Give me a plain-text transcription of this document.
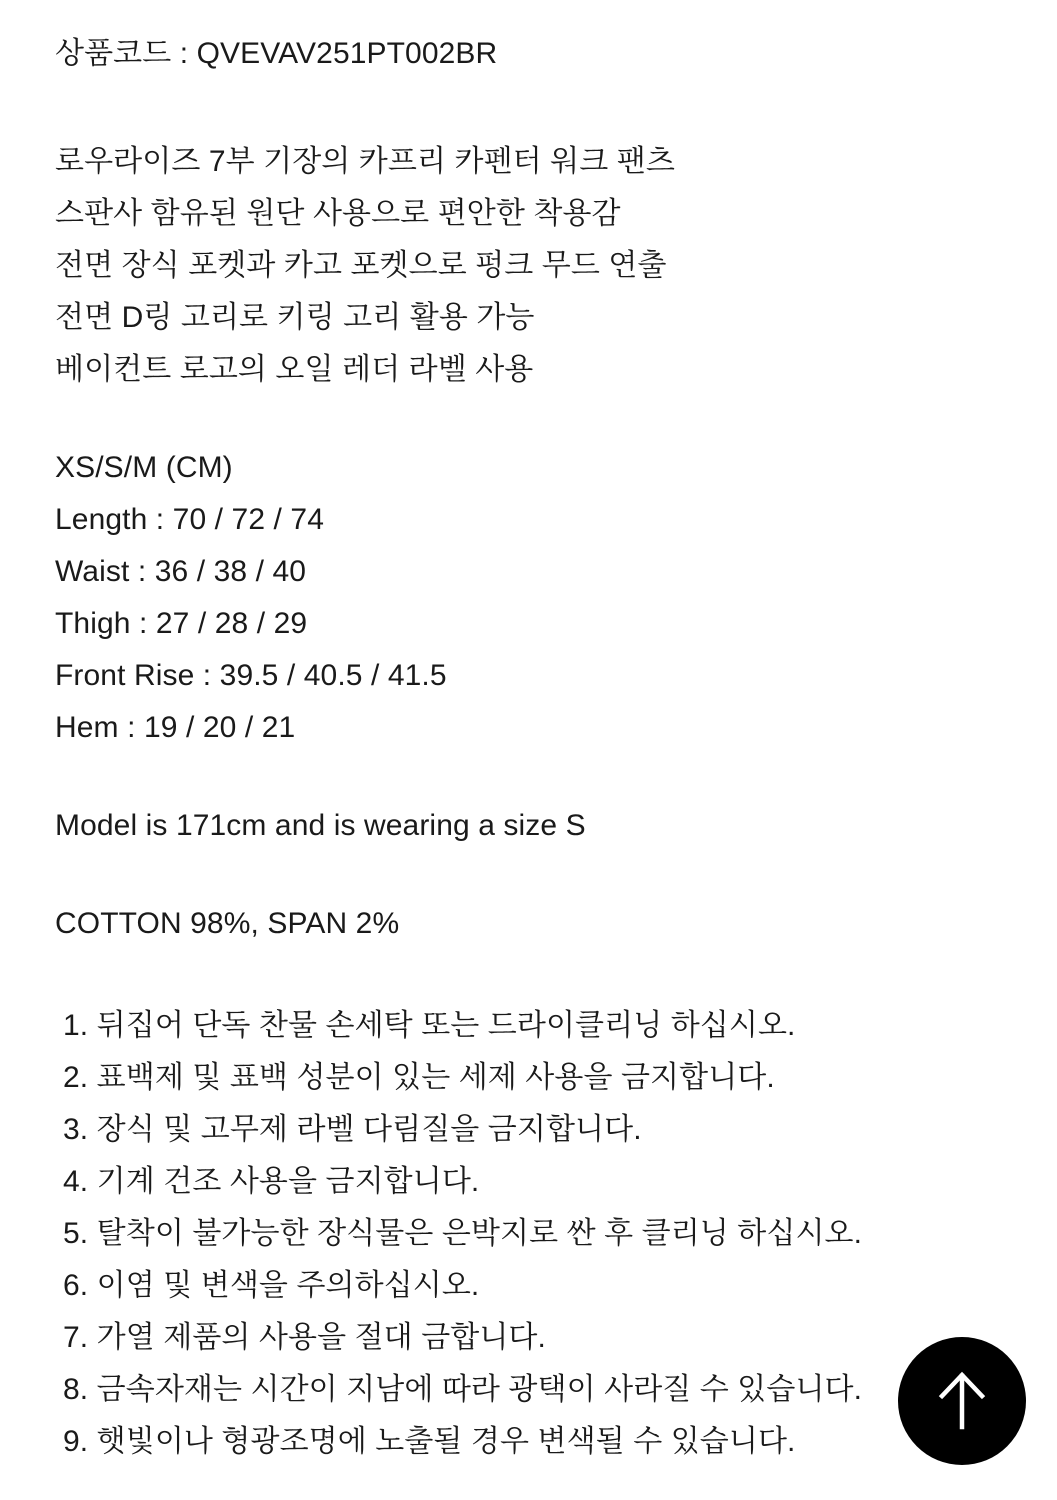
상품코드 : QVEVAV251PT002BR
로우라이즈 7부 기장의 카프리 카펜터 워크 팬츠
스판사 함유된 원단 사용으로 편안한 착용감
전면 장식 포켓과 카고 포켓으로 펑크 무드 연출
전면 D링 고리로 키링 고리 활용 가능
베이컨트 로고의 오일 레더 라벨 사용
XS/S/M (CM)
Length : 70 / 72 / 74
Waist : 36 / 38 / 40
Thigh : 27 / 28 / 29
Front Rise : 39.5 / 40.5 / 41.5
Hem : 19 / 20 / 21
Model is 171cm and is wearing a size S
COTTON 98%, SPAN 2%
1. 뒤집어 단독 찬물 손세탁 또는 드라이클리닝 하십시오.
2. 표백제 및 표백 성분이 있는 세제 사용을 금지합니다.
3. 장식 및 고무제 라벨 다림질을 금지합니다.
4. 기계 건조 사용을 금지합니다.
5. 탈착이 불가능한 장식물은 은박지로 싼 후 클리닝 하십시오.
6. 이염 및 변색을 주의하십시오.
7. 가열 제품의 사용을 절대 금합니다.
8. 금속자재는 시간이 지남에 따라 광택이 사라질 수 있습니다.
9. 햇빛이나 형광조명에 노출될 경우 변색될 수 있습니다.
